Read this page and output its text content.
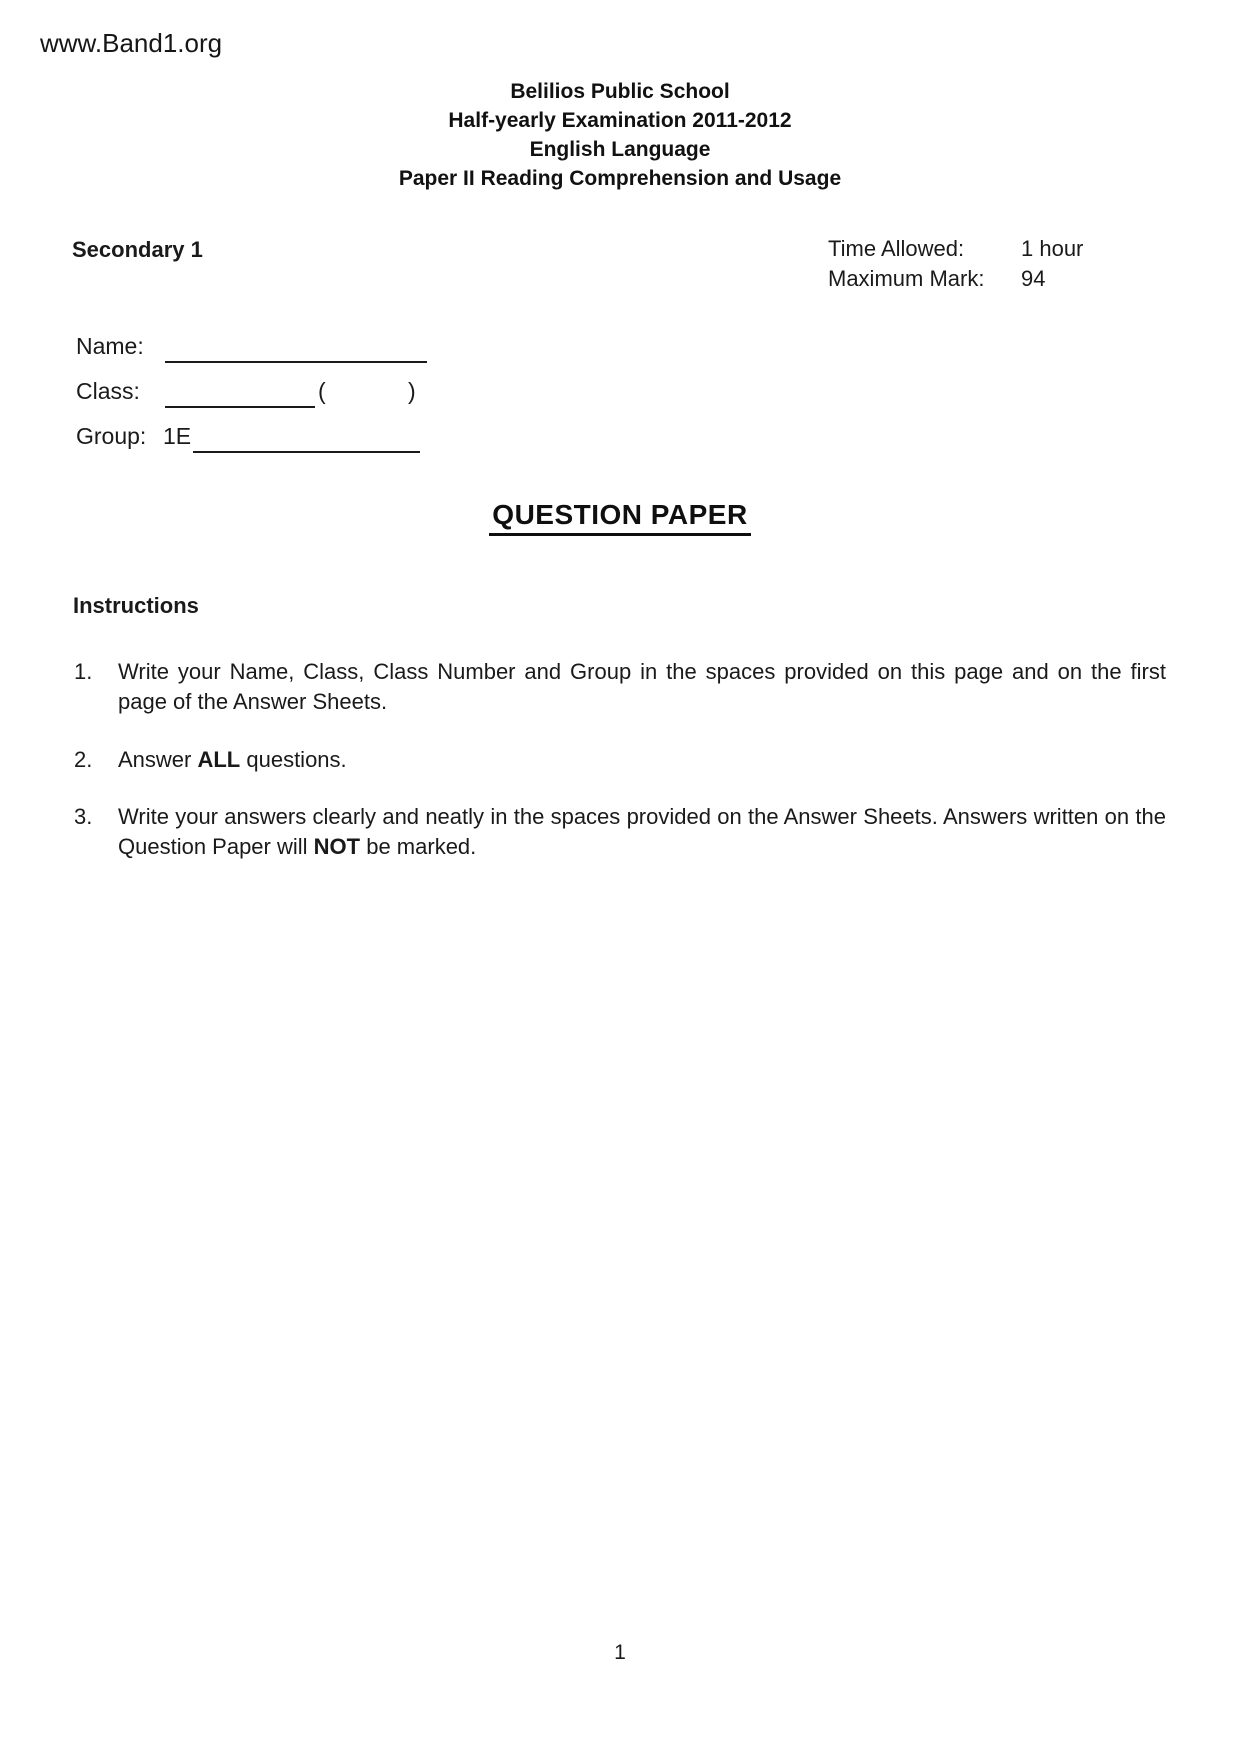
www.Band1.org
Belilios Public School
Half-yearly Examination 2011-2012
English Language
Paper II Reading Comprehension and Usage
Secondary 1	Time Allowed:	1 hour
Maximum Mark: 94
Name:
Class:	(	)
Group: 1E
QUESTION PAPER
Instructions
1. Write your Name, Class, Class Number and Group in the spaces provided on this page and on the first page of the Answer Sheets.
2. Answer ALL questions.
3. Write your answers clearly and neatly in the spaces provided on the Answer Sheets. Answers written on the Question Paper will NOT be marked.
1
